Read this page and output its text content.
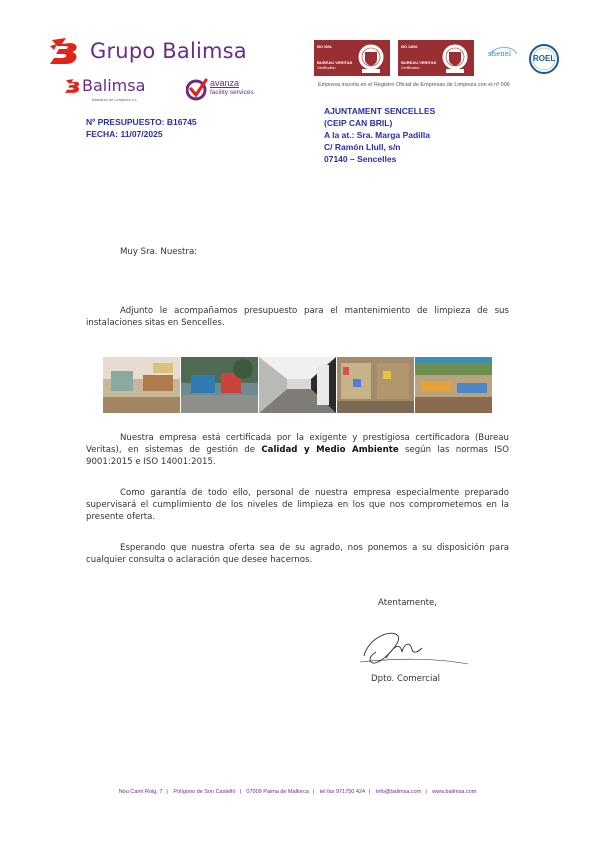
Grupo Balimsa
Balimsa
Baleares de Limpieza s.L.
avanza
facility services
ISO 9001
BUREAU VERITAS
Certification
ISO 14001
BUREAU VERITAS
Certification
shenel	ROEL
Empresa inscrita en el Registro Oficial de Empresas de Limpieza con el nº 006
Nº PRESUPUESTO: B16745
FECHA: 11/07/2025
AJUNTAMENT SENCELLES
(CEIP CAN BRIL)
A la at.: Sra. Marga Padilla
C/ Ramón Llull, s/n
07140 – Sencelles
Muy Sra. Nuestra:
Adjunto le acompañamos presupuesto para el mantenimiento de limpieza de sus instalaciones sitas en Sencelles.
Nuestra empresa está certificada por la exigente y prestigiosa certificadora (Bureau Veritas), en sistemas de gestión de Calidad y Medio Ambiente según las normas ISO 9001:2015 e ISO 14001:2015.
Como garantía de todo ello, personal de nuestra empresa especialmente preparado supervisará el cumplimiento de los niveles de limpieza en los que nos comprometemos en la presente oferta.
Esperando que nuestra oferta sea de su agrado, nos ponemos a su disposición para cualquier consulta o aclaración que desee hacernos.
Atentamente,
Dpto. Comercial
Nou Camí Roig, 7 | Polígono de Son Castelló | 07009 Palma de Mallorca | tel fax 971750 424 | info@balimsa.com | www.balimsa.com
